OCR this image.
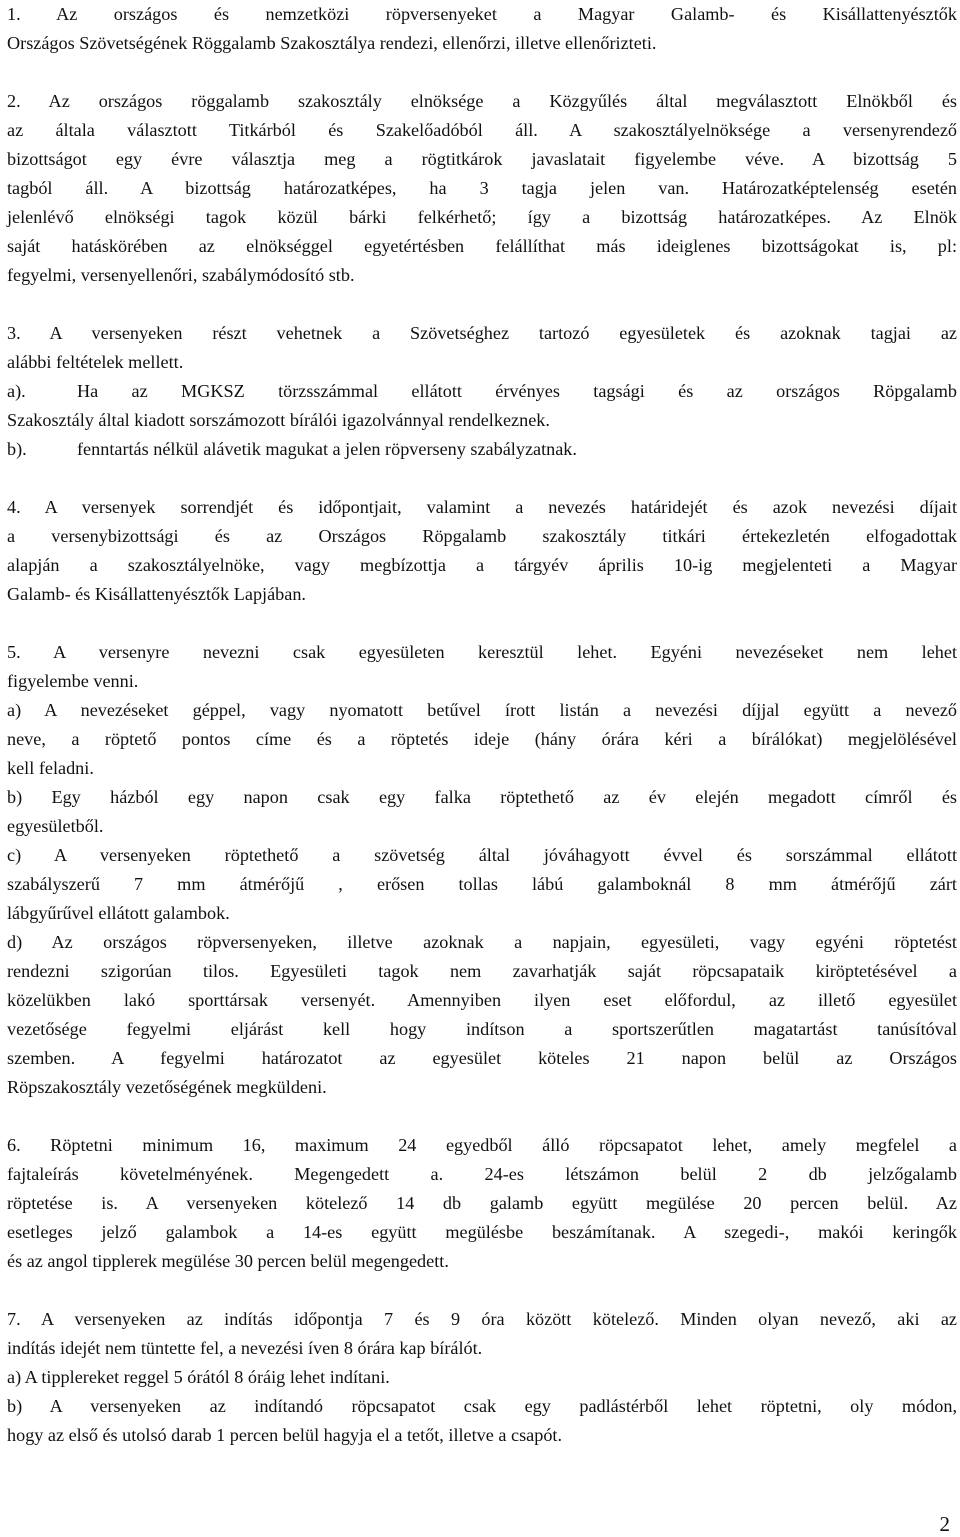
1. Az országos és nemzetközi röpversenyeket a Magyar Galamb- és Kisállattenyésztők
Országos Szövetségének Röggalamb Szakosztálya rendezi, ellenőrzi, illetve ellenőrizteti.
2. Az országos röggalamb szakosztály elnöksége a Közgyűlés által megválasztott Elnökből és
az általa választott Titkárból és Szakelőadóból áll. A szakosztályelnöksége a versenyrendező
bizottságot egy évre választja meg a rögtitkárok javaslatait figyelembe véve. A bizottság 5
tagból áll. A bizottság határozatképes, ha 3 tagja jelen van. Határozatképtelenség esetén
jelenlévő elnökségi tagok közül bárki felkérhető; így a bizottság határozatképes. Az Elnök
saját hatáskörében az elnökséggel egyetértésben felállíthat más ideiglenes bizottságokat is, pl:
fegyelmi, versenyellenőri, szabálymódosító stb.
3. A versenyeken részt vehetnek a Szövetséghez tartozó egyesületek és azoknak tagjai az
alábbi feltételek mellett.
a).	Ha az MGKSZ törzsszámmal ellátott érvényes tagsági és az országos Röpgalamb
Szakosztály által kiadott sorszámozott bírálói igazolvánnyal rendelkeznek.
b).	fenntartás nélkül alávetik magukat a jelen röpverseny szabályzatnak.
4. A versenyek sorrendjét és időpontjait, valamint a nevezés határidejét és azok nevezési díjait
a versenybizottsági és az Országos Röpgalamb szakosztály titkári értekezletén elfogadottak
alapján a szakosztályelnöke, vagy megbízottja a tárgyév április 10-ig megjelenteti a Magyar
Galamb- és Kisállattenyésztők Lapjában.
5. A versenyre nevezni csak egyesületen keresztül lehet. Egyéni nevezéseket nem lehet
figyelembe venni.
a) A nevezéseket géppel, vagy nyomatott betűvel írott listán a nevezési díjjal együtt a nevező
neve, a röptető pontos címe és a röptetés ideje (hány órára kéri a bírálókat) megjelölésével
kell feladni.
b) Egy házból egy napon csak egy falka röptethető az év elején megadott címről és
egyesületből.
c) A versenyeken röptethető a szövetség által jóváhagyott évvel és sorszámmal ellátott
szabályszerű 7 mm átmérőjű , erősen tollas lábú galamboknál 8 mm átmérőjű zárt
lábgyűrűvel ellátott galambok.
d) Az országos röpversenyeken, illetve azoknak a napjain, egyesületi, vagy egyéni röptetést
rendezni szigorúan tilos. Egyesületi tagok nem zavarhatják saját röpcsapataik kiröptetésével a
közelükben lakó sporttársak versenyét. Amennyiben ilyen eset előfordul, az illető egyesület
vezetősége fegyelmi eljárást kell hogy indítson a sportszerűtlen magatartást tanúsítóval
szemben. A fegyelmi határozatot az egyesület köteles 21 napon belül az Országos
Röpszakosztály vezetőségének megküldeni.
6. Röptetni minimum 16, maximum 24 egyedből álló röpcsapatot lehet, amely megfelel a
fajtaleírás követelményének. Megengedett a. 24-es létszámon belül 2 db jelzőgalamb
röptetése is. A versenyeken kötelező 14 db galamb együtt megülése 20 percen belül. Az
esetleges jelző galambok a 14-es együtt megülésbe beszámítanak. A szegedi-, makói keringők
és az angol tipplerek megülése 30 percen belül megengedett.
7. A versenyeken az indítás időpontja 7 és 9 óra között kötelező. Minden olyan nevező, aki az
indítás idejét nem tüntette fel, a nevezési íven 8 órára kap bírálót.
a) A tipplereket reggel 5 órától 8 óráig lehet indítani.
b) A versenyeken az indítandó röpcsapatot csak egy padlástérből lehet röptetni, oly módon,
hogy az első és utolsó darab 1 percen belül hagyja el a tetőt, illetve a csapót.
2
